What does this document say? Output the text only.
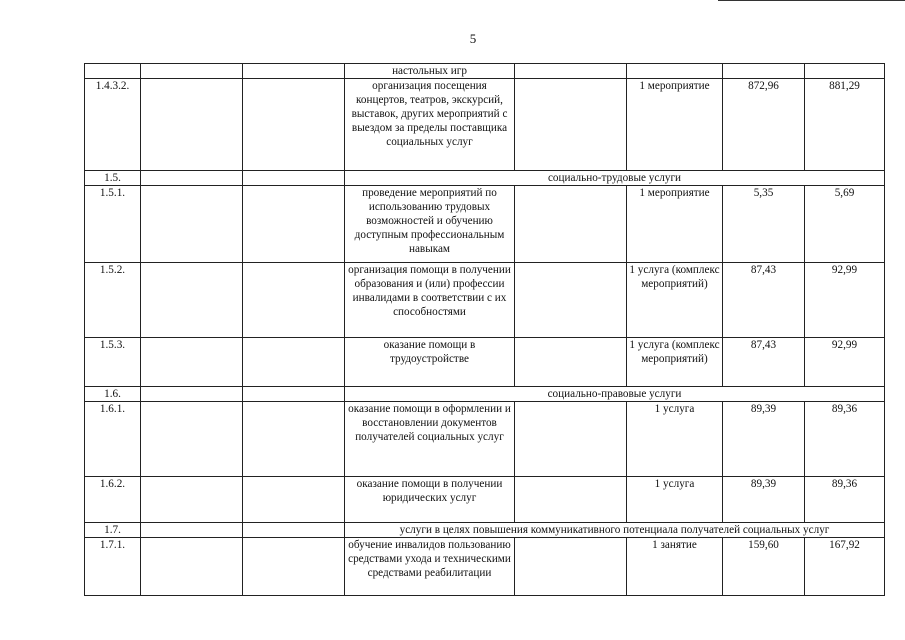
5
			настольных игр				
1.4.3.2.			организация посещения концертов, театров, экскурсий, выставок, других мероприятий с выездом за пределы поставщика социальных услуг		1 мероприятие	872,96	881,29
1.5.			социально-трудовые услуги				
1.5.1.			проведение мероприятий по использованию трудовых возможностей и обучению доступным профессиональным навыкам		1 мероприятие	5,35	5,69
1.5.2.			организация помощи в получении образования и (или) профессии инвалидами в соответствии с их способностями		1 услуга (комплекс мероприятий)	87,43	92,99
1.5.3.			оказание помощи в трудоустройстве		1 услуга (комплекс мероприятий)	87,43	92,99
1.6.			социально-правовые услуги				
1.6.1.			оказание помощи в оформлении и восстановлении документов получателей социальных услуг		1 услуга	89,39	89,36
1.6.2.			оказание помощи в получении юридических услуг		1 услуга	89,39	89,36
1.7.			услуги в целях повышения коммуникативного потенциала получателей социальных услуг				
1.7.1.			обучение инвалидов пользованию средствами ухода и техническими средствами реабилитации		1 занятие	159,60	167,92
